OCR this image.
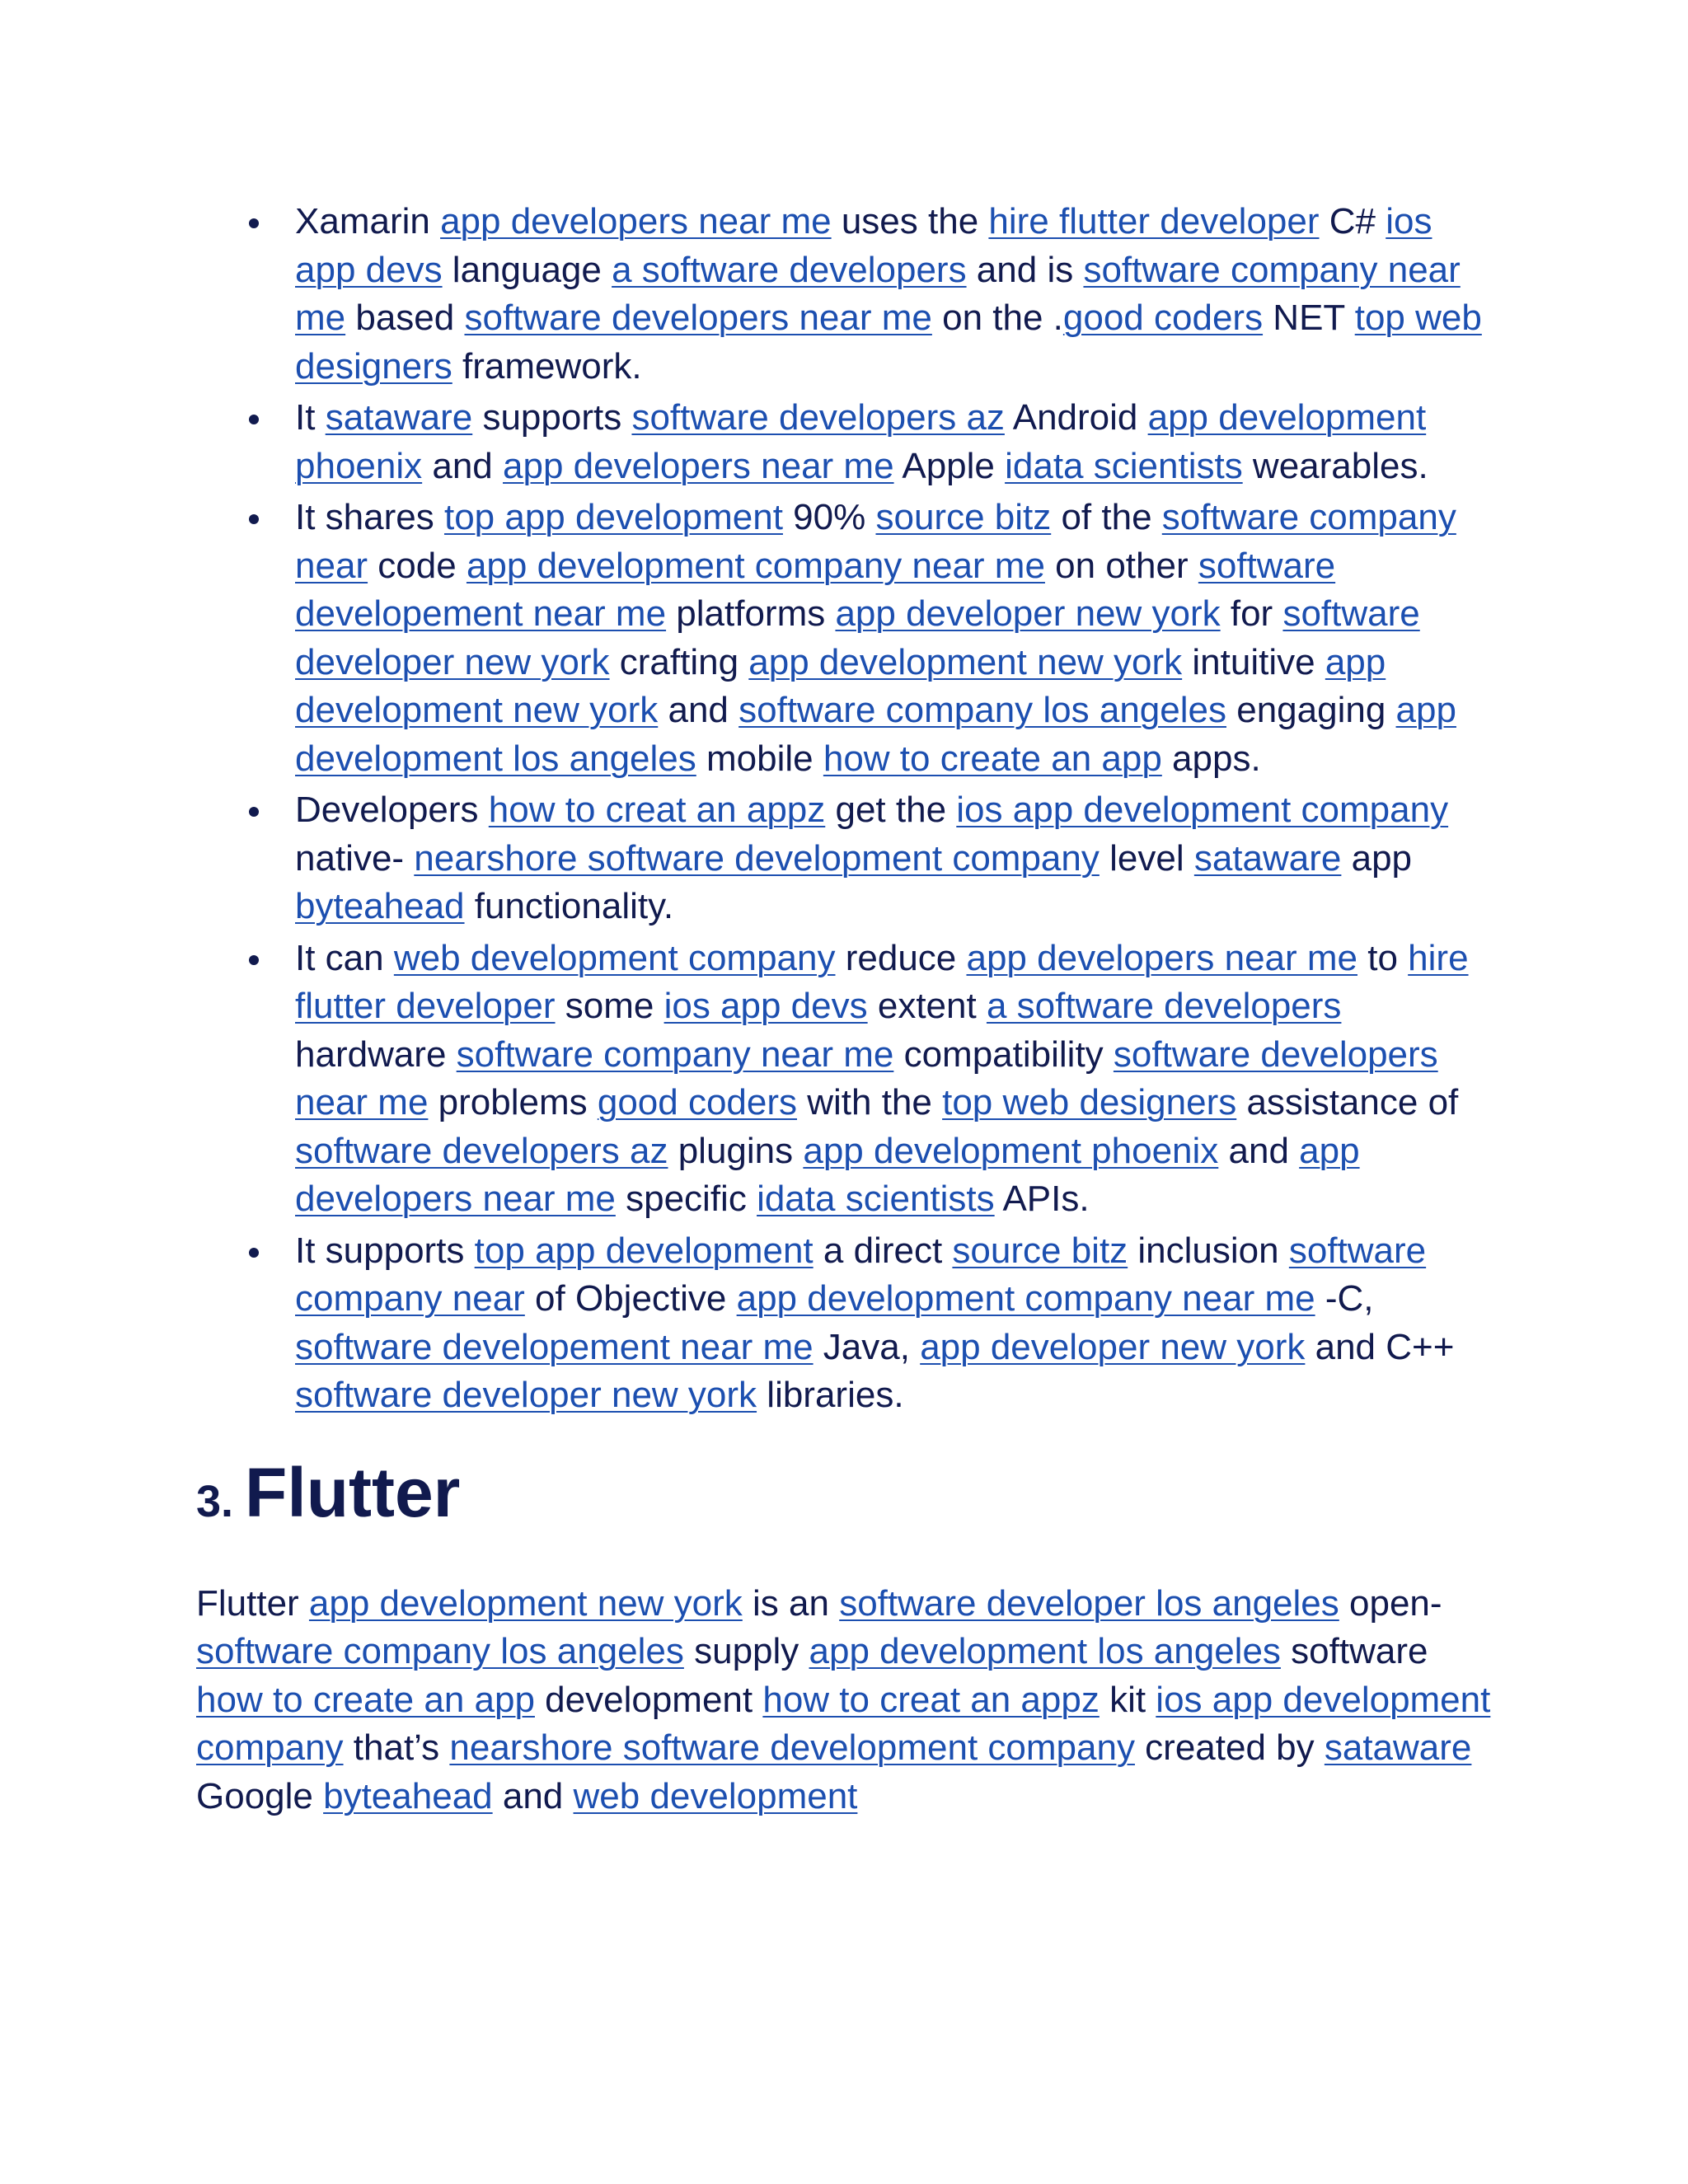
Xamarin app developers near me uses the hire flutter developer C# ios app devs language a software developers and is software company near me based software developers near me on the .good coders NET top web designers framework.
It sataware supports software developers az Android app development phoenix and app developers near me Apple idata scientists wearables.
It shares top app development 90% source bitz of the software company near code app development company near me on other software developement near me platforms app developer new york for software developer new york crafting app development new york intuitive app development new york and software company los angeles engaging app development los angeles mobile how to create an app apps.
Developers how to creat an appz get the ios app development company native- nearshore software development company level sataware app byteahead functionality.
It can web development company reduce app developers near me to hire flutter developer some ios app devs extent a software developers hardware software company near me compatibility software developers near me problems good coders with the top web designers assistance of software developers az plugins app development phoenix and app developers near me specific idata scientists APIs.
It supports top app development a direct source bitz inclusion software company near of Objective app development company near me -C, software developement near me Java, app developer new york and C++ software developer new york libraries.
3. Flutter

Flutter app development new york is an software developer los angeles open- software company los angeles supply app development los angeles software how to create an app development how to creat an appz kit ios app development company that’s nearshore software development company created by sataware Google byteahead and web development
